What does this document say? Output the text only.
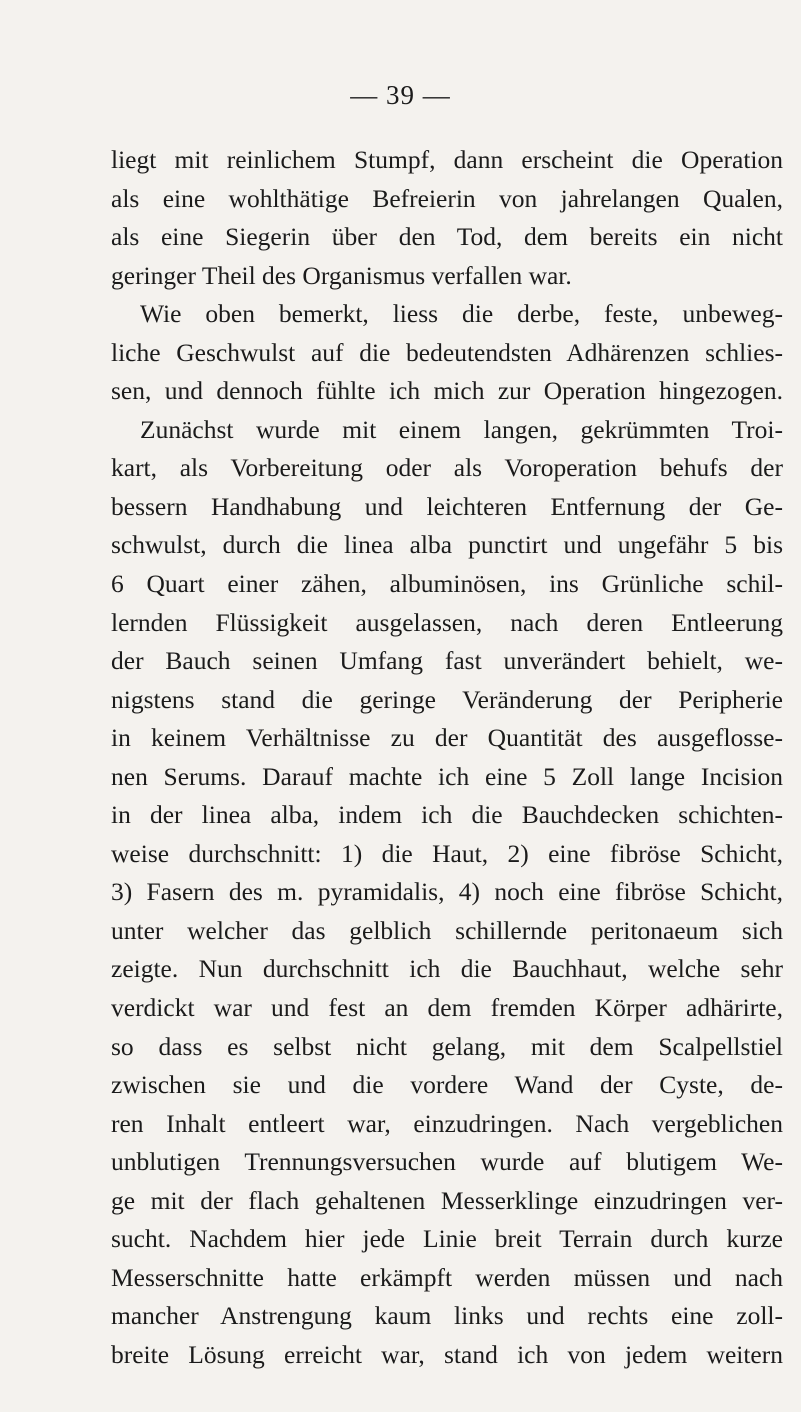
— 39 —
liegt mit reinlichem Stumpf, dann erscheint die Operation
als eine wohlthätige Befreierin von jahrelangen Qualen,
als eine Siegerin über den Tod, dem bereits ein nicht
geringer Theil des Organismus verfallen war.
Wie oben bemerkt, liess die derbe, feste, unbeweg-
liche Geschwulst auf die bedeutendsten Adhärenzen schlies-
sen, und dennoch fühlte ich mich zur Operation hingezogen.
Zunächst wurde mit einem langen, gekrümmten Troi-
kart, als Vorbereitung oder als Voroperation behufs der
bessern Handhabung und leichteren Entfernung der Ge-
schwulst, durch die linea alba punctirt und ungefähr 5 bis
6 Quart einer zähen, albuminösen, ins Grünliche schil-
lernden Flüssigkeit ausgelassen, nach deren Entleerung
der Bauch seinen Umfang fast unverändert behielt, we-
nigstens stand die geringe Veränderung der Peripherie
in keinem Verhältnisse zu der Quantität des ausgeflosse-
nen Serums. Darauf machte ich eine 5 Zoll lange Incision
in der linea alba, indem ich die Bauchdecken schichten-
weise durchschnitt: 1) die Haut, 2) eine fibröse Schicht,
3) Fasern des m. pyramidalis, 4) noch eine fibröse Schicht,
unter welcher das gelblich schillernde peritonaeum sich
zeigte. Nun durchschnitt ich die Bauchhaut, welche sehr
verdickt war und fest an dem fremden Körper adhärirte,
so dass es selbst nicht gelang, mit dem Scalpellstiel
zwischen sie und die vordere Wand der Cyste, de-
ren Inhalt entleert war, einzudringen. Nach vergeblichen
unblutigen Trennungsversuchen wurde auf blutigem We-
ge mit der flach gehaltenen Messerklinge einzudringen ver-
sucht. Nachdem hier jede Linie breit Terrain durch kurze
Messerschnitte hatte erkämpft werden müssen und nach
mancher Anstrengung kaum links und rechts eine zoll-
breite Lösung erreicht war, stand ich von jedem weitern
